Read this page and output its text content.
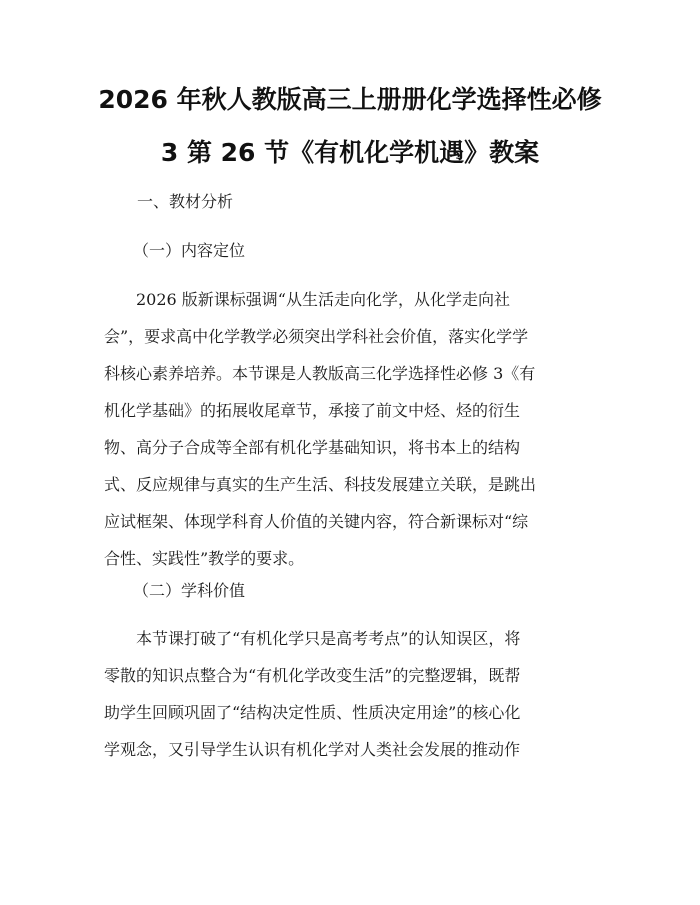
2026 年秋人教版高三上册册化学选择性必修
3 第 26 节《有机化学机遇》教案
一、教材分析
（一）内容定位
　　2026 版新课标强调“从生活走向化学，从化学走向社
会”，要求高中化学教学必须突出学科社会价值，落实化学学
科核心素养培养。本节课是人教版高三化学选择性必修 3《有
机化学基础》的拓展收尾章节，承接了前文中烃、烃的衍生
物、高分子合成等全部有机化学基础知识，将书本上的结构
式、反应规律与真实的生产生活、科技发展建立关联，是跳出
应试框架、体现学科育人价值的关键内容，符合新课标对“综
合性、实践性”教学的要求。
（二）学科价值
　　本节课打破了“有机化学只是高考考点”的认知误区，将
零散的知识点整合为“有机化学改变生活”的完整逻辑，既帮
助学生回顾巩固了“结构决定性质、性质决定用途”的核心化
学观念，又引导学生认识有机化学对人类社会发展的推动作
